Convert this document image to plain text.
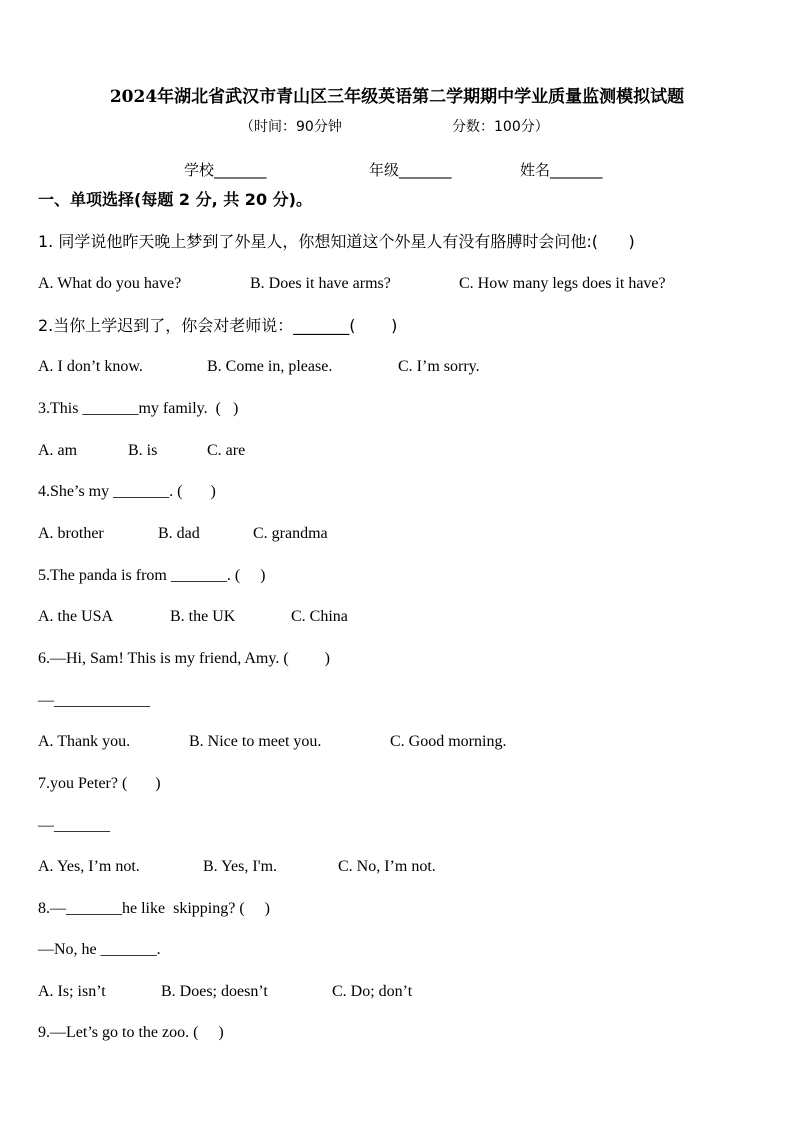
2024年湖北省武汉市青山区三年级英语第二学期期中学业质量监测模拟试题
（时间：90分钟	分数：100分）
学校_______	年级_______	姓名_______
一、单项选择(每题 2 分, 共 20 分)。
1. 同学说他昨天晚上梦到了外星人，你想知道这个外星人有没有胳膊时会问他:(      )
A. What do you have?	B. Does it have arms?	C. How many legs does it have?
2.当你上学迟到了，你会对老师说：_______(       )
A. I don’t know.	B. Come in, please.	C. I’m sorry.
3.This _______my family.  (   )
A. am	B. is	C. are
4.She’s my _______. (       )
A. brother	B. dad	C. grandma
5.The panda is from _______. (     )
A. the USA	B. the UK	C. China
6.—Hi, Sam! This is my friend, Amy. (         )
—____________
A. Thank you.	B. Nice to meet you.	C. Good morning.
7.you Peter? (       )
—_______
A. Yes, I’m not.	B. Yes, I'm.	C. No, I’m not.
8.—_______he like  skipping? (     )
—No, he _______.
A. Is; isn’t	B. Does; doesn’t	C. Do; don’t
9.—Let’s go to the zoo. (     )
